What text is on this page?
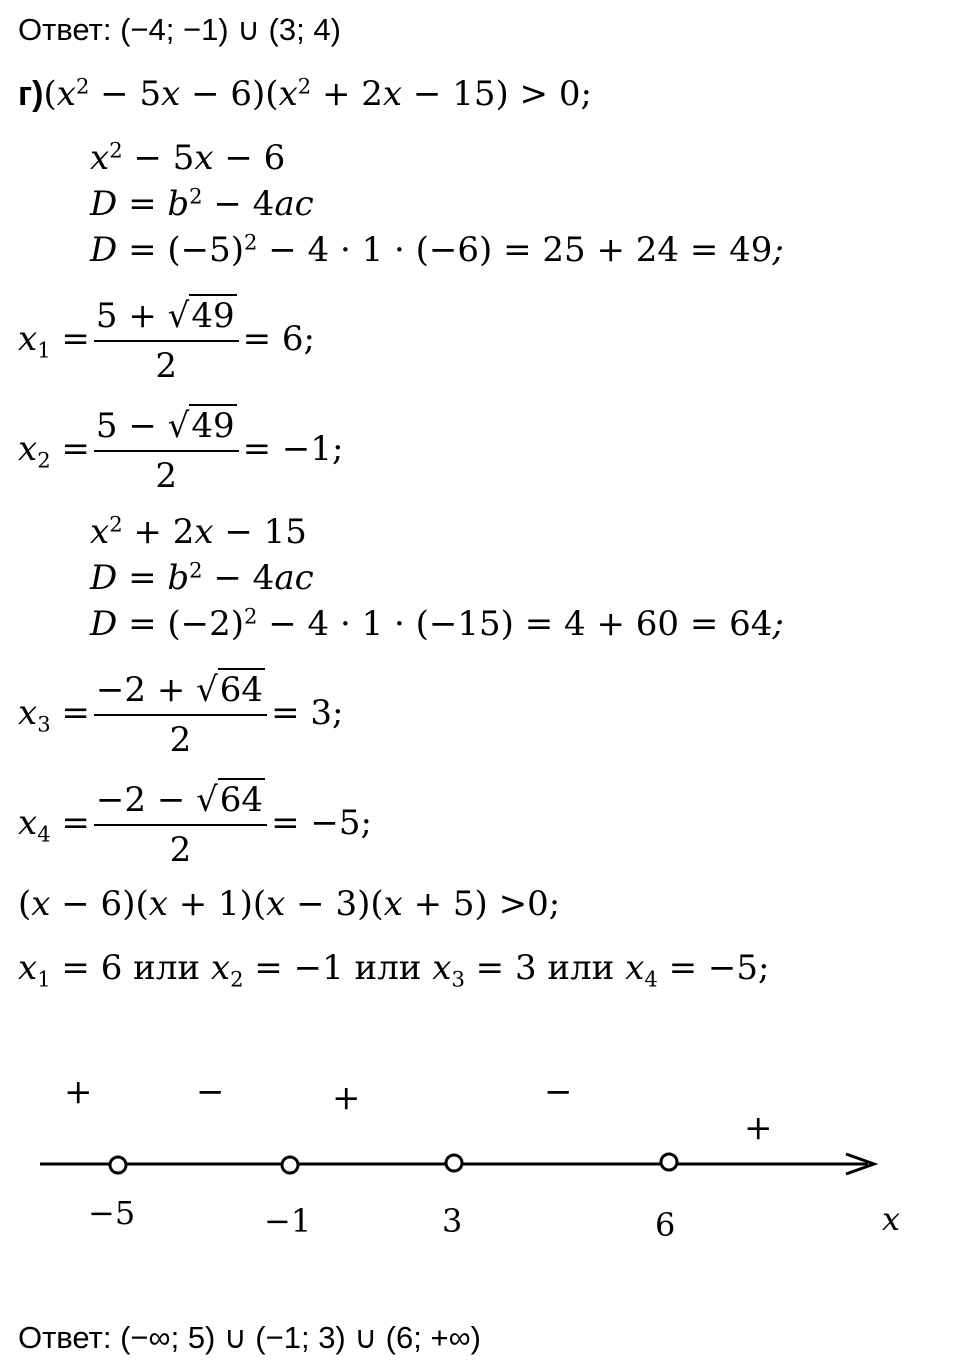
Ответ: (−4; −1) ∪ (3; 4)
$г)(x^2 - 5x - 6)(x^2 + 2x - 15) > 0$;
$x^2 - 5x - 6$
$D = b^2 - 4ac$
$D = (-5)^2 - 4 \cdot 1 \cdot (-6) = 25 + 24 = 49$;
$x_1 = \frac{5 + √49}{2} = 6$;
$x_2 = \frac{5 - √49}{2} = -1$;
$x^2 + 2x - 15$
$D = b^2 - 4ac$
$D = (-2)^2 - 4 \cdot 1 \cdot (-15) = 4 + 60 = 64$;
$x_3 = \frac{-2 + √64}{2} = 3$;
$x_4 = \frac{-2 - √64}{2} = -5$;
(x − 6)(x + 1)(x − 3)(x + 5) >0;
$x_1 = 6$ или $x_2 = -1$ или $x_3 = 3$ или $x_4 = -5$;
+	−	+	−
+
−5	−1	3	6	x
Ответ: (−∞; 5) ∪ (−1; 3) ∪ (6; +∞)
